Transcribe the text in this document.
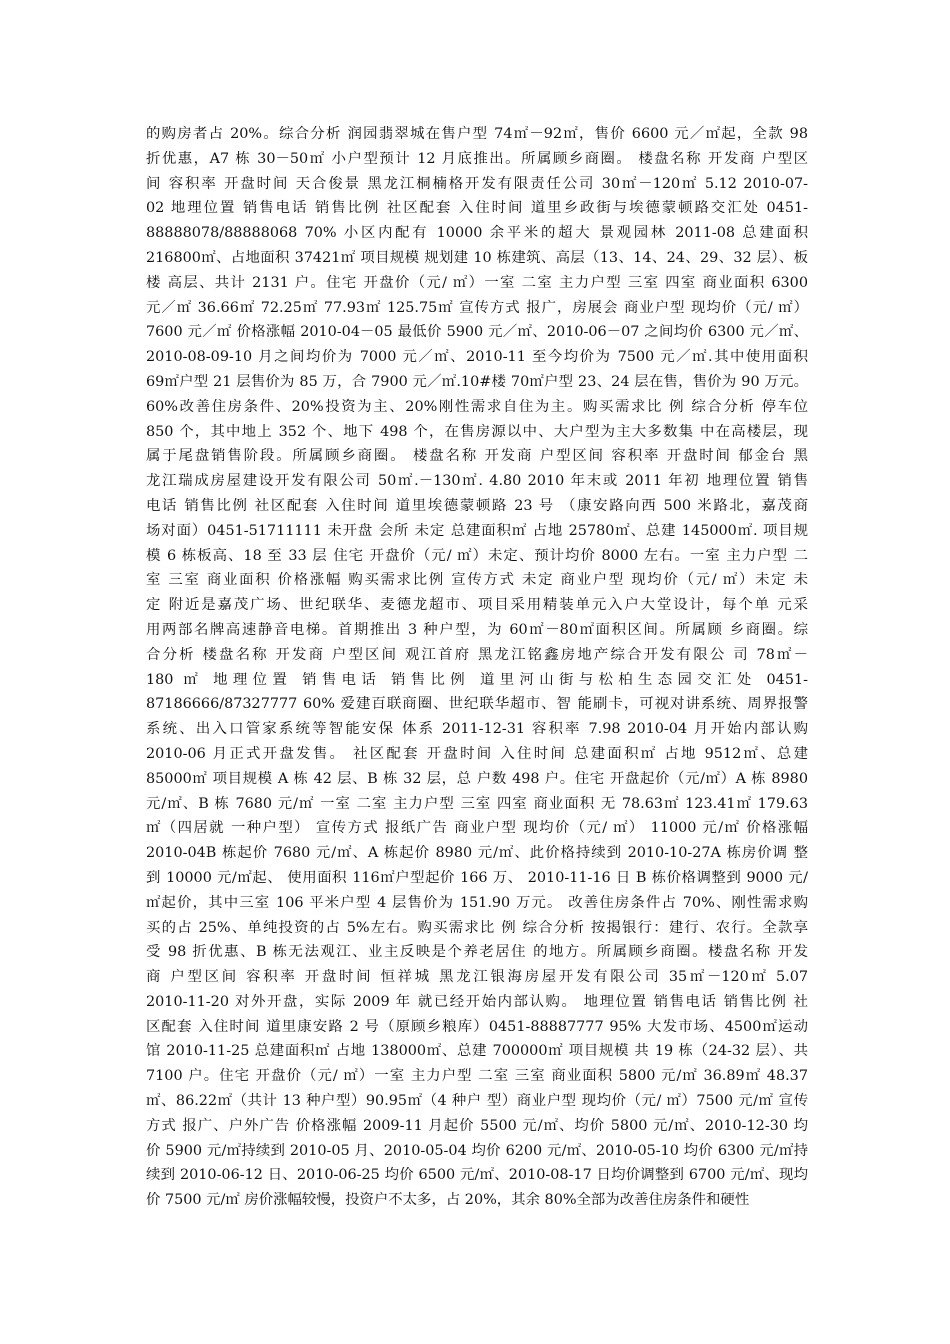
的购房者占 20%。综合分析 润园翡翠城在售户型 74㎡－92㎡，售价 6600 元／㎡起，全款 98
折优惠，A7 栋 30－50㎡ 小户型预计 12 月底推出。所属顾乡商圈。 楼盘名称 开发商 户型区
间 容积率 开盘时间 天合俊景 黑龙江桐楠格开发有限责任公司 30㎡－120㎡ 5.12 2010-07-
02 地理位置 销售电话 销售比例 社区配套 入住时间 道里乡政街与埃德蒙顿路交汇处 0451-
88888078/88888068 70% 小区内配有 10000 余平米的超大 景观园林 2011-08 总建面积
216800㎡、占地面积 37421㎡ 项目规模 规划建 10 栋建筑、高层（13、14、24、29、32 层）、板
楼 高层、共计 2131 户。住宅 开盘价（元/ ㎡）一室 二室 主力户型 三室 四室 商业面积 6300
元／㎡ 36.66㎡ 72.25㎡ 77.93㎡ 125.75㎡ 宣传方式 报广，房展会 商业户型 现均价（元/ ㎡）
7600 元／㎡ 价格涨幅 2010-04－05 最低价 5900 元／㎡、2010-06－07 之间均价 6300 元／㎡、
2010-08-09-10 月之间均价为 7000 元／㎡、2010-11 至今均价为 7500 元／㎡.其中使用面积
69㎡户型 21 层售价为 85 万，合 7900 元／㎡.10#楼 70㎡户型 23、24 层在售，售价为 90 万元。
60%改善住房条件、20%投资为主、20%刚性需求自住为主。购买需求比 例 综合分析 停车位
850 个，其中地上 352 个、地下 498 个，在售房源以中、大户型为主大多数集 中在高楼层，现
属于尾盘销售阶段。所属顾乡商圈。 楼盘名称 开发商 户型区间 容积率 开盘时间 郁金台 黑
龙江瑞成房屋建设开发有限公司 50㎡.－130㎡. 4.80 2010 年末或 2011 年初 地理位置 销售
电话 销售比例 社区配套 入住时间 道里埃德蒙顿路 23 号 （康安路向西 500 米路北，嘉茂商
场对面）0451-51711111 未开盘 会所 未定 总建面积㎡ 占地 25780㎡、总建 145000㎡. 项目规
模 6 栋板高、18 至 33 层 住宅 开盘价（元/ ㎡）未定、预计均价 8000 左右。一室 主力户型 二
室 三室 商业面积 价格涨幅 购买需求比例 宣传方式 未定 商业户型 现均价（元/ ㎡）未定 未
定 附近是嘉茂广场、世纪联华、麦德龙超市、项目采用精装单元入户大堂设计，每个单 元采
用两部名牌高速静音电梯。首期推出 3 种户型，为 60㎡－80㎡面积区间。所属顾 乡商圈。综
合分析 楼盘名称 开发商 户型区间 观江首府 黑龙江铭鑫房地产综合开发有限公 司 78㎡－
180 ㎡ 地理位置 销售电话 销售比例 道里河山街与松柏生态园交汇处 0451-
87186666/87327777 60% 爱建百联商圈、世纪联华超市、智 能刷卡，可视对讲系统、周界报警
系统、出入口管家系统等智能安保 体系 2011-12-31 容积率 7.98 2010-04 月开始内部认购
2010-06 月正式开盘发售。 社区配套 开盘时间 入住时间 总建面积㎡ 占地 9512㎡、总建
85000㎡ 项目规模 A 栋 42 层、B 栋 32 层，总 户数 498 户。住宅 开盘起价（元/㎡）A 栋 8980
元/㎡、B 栋 7680 元/㎡ 一室 二室 主力户型 三室 四室 商业面积 无 78.63㎡ 123.41㎡ 179.63
㎡（四居就 一种户型） 宣传方式 报纸广告 商业户型 现均价（元/ ㎡） 11000 元/㎡ 价格涨幅
2010-04B 栋起价 7680 元/㎡、A 栋起价 8980 元/㎡、此价格持续到 2010-10-27A 栋房价调 整
到 10000 元/㎡起、 使用面积 116㎡户型起价 166 万、 2010-11-16 日 B 栋价格调整到 9000 元/
㎡起价，其中三室 106 平米户型 4 层售价为 151.90 万元。 改善住房条件占 70%、刚性需求购
买的占 25%、单纯投资的占 5%左右。购买需求比 例 综合分析 按揭银行：建行、农行。全款享
受 98 折优惠、B 栋无法观江、业主反映是个养老居住 的地方。所属顾乡商圈。楼盘名称 开发
商 户型区间 容积率 开盘时间 恒祥城 黑龙江银海房屋开发有限公司 35㎡－120㎡ 5.07
2010-11-20 对外开盘，实际 2009 年 就已经开始内部认购。 地理位置 销售电话 销售比例 社
区配套 入住时间 道里康安路 2 号（原顾乡粮库）0451-88887777 95% 大发市场、4500㎡运动
馆 2010-11-25 总建面积㎡ 占地 138000㎡、总建 700000㎡ 项目规模 共 19 栋（24-32 层）、共
7100 户。住宅 开盘价（元/ ㎡）一室 主力户型 二室 三室 商业面积 5800 元/㎡ 36.89㎡ 48.37
㎡、86.22㎡（共计 13 种户型）90.95㎡（4 种户 型）商业户型 现均价（元/ ㎡）7500 元/㎡ 宣传
方式 报广、户外广告 价格涨幅 2009-11 月起价 5500 元/㎡、均价 5800 元/㎡、2010-12-30 均
价 5900 元/㎡持续到 2010-05 月、2010-05-04 均价 6200 元/㎡、2010-05-10 均价 6300 元/㎡持
续到 2010-06-12 日、2010-06-25 均价 6500 元/㎡、2010-08-17 日均价调整到 6700 元/㎡、现均
价 7500 元/㎡ 房价涨幅较慢，投资户不太多，占 20%，其余 80%全部为改善住房条件和硬性
